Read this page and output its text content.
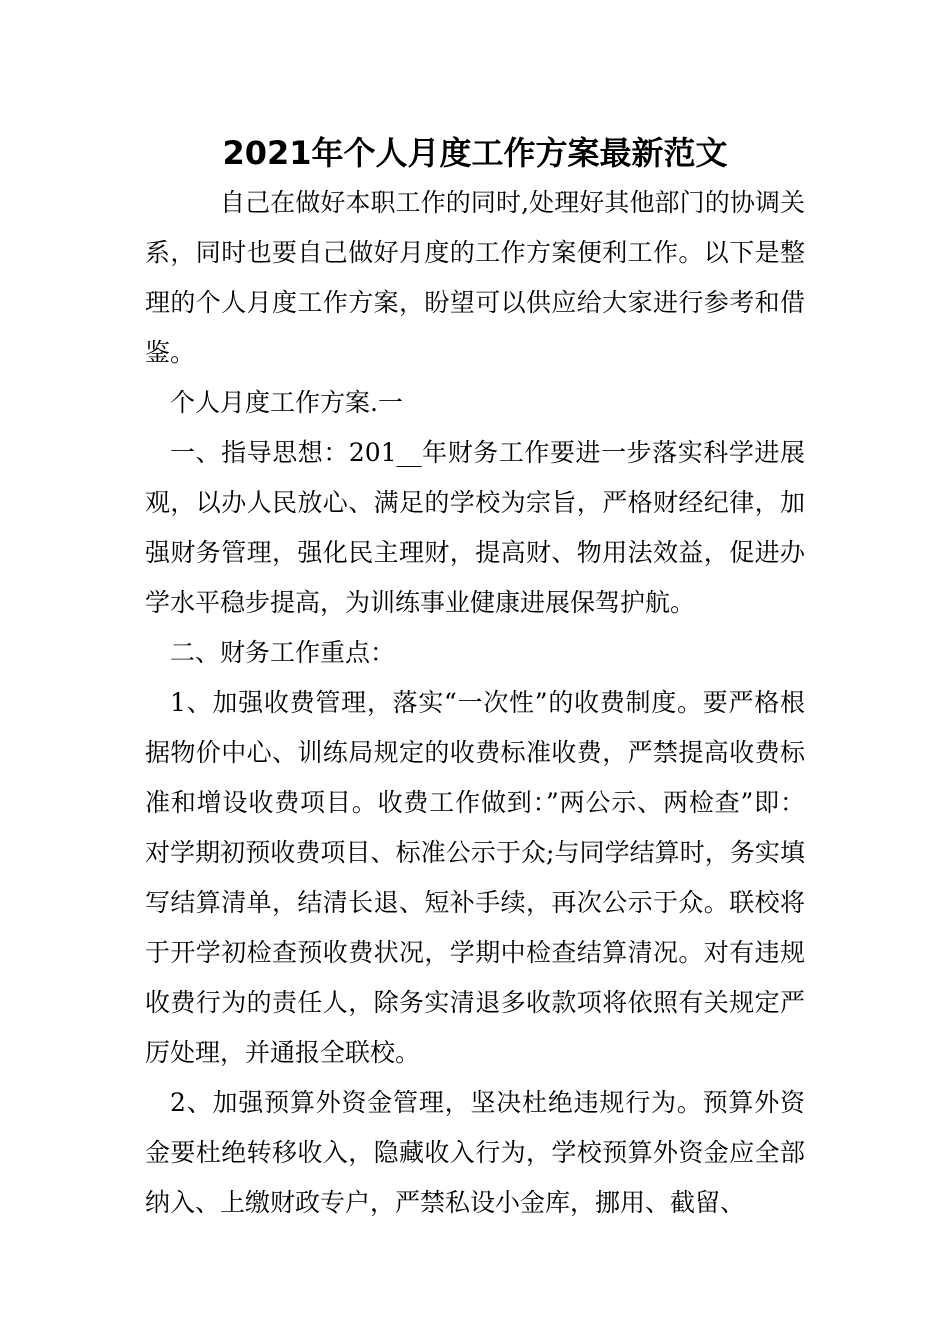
2021年个人月度工作方案最新范文

自己在做好本职工作的同时,处理好其他部门的协调关系，同时也要自己做好月度的工作方案便利工作。以下是整理的个人月度工作方案，盼望可以供应给大家进行参考和借鉴。

个人月度工作方案.一

一、指导思想：201__年财务工作要进一步落实科学进展观，以办人民放心、满足的学校为宗旨，严格财经纪律，加强财务管理，强化民主理财，提高财、物用法效益，促进办学水平稳步提高，为训练事业健康进展保驾护航。

二、财务工作重点：

1、加强收费管理，落实“一次性”的收费制度。要严格根据物价中心、训练局规定的收费标准收费，严禁提高收费标准和增设收费项目。收费工作做到：”两公示、两检查”即：对学期初预收费项目、标准公示于众;与同学结算时，务实填写结算清单，结清长退、短补手续，再次公示于众。联校将于开学初检查预收费状况，学期中检查结算清况。对有违规收费行为的责任人，除务实清退多收款项将依照有关规定严厉处理，并通报全联校。

2、加强预算外资金管理，坚决杜绝违规行为。预算外资金要杜绝转移收入，隐藏收入行为，学校预算外资金应全部纳入、上缴财政专户，严禁私设小金库，挪用、截留、
